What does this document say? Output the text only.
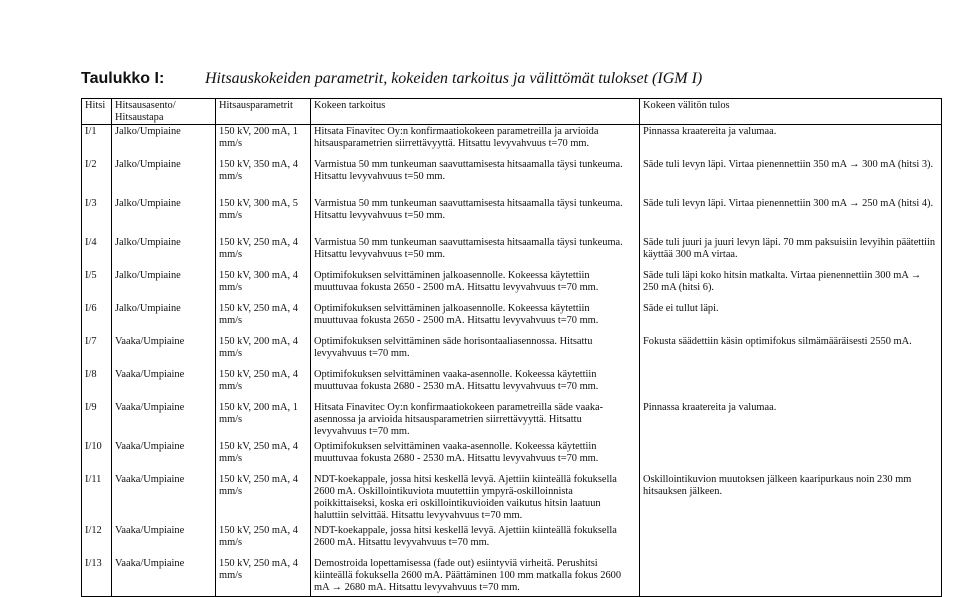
Taulukko I:	Hitsauskokeiden parametrit, kokeiden tarkoitus ja välittömät tulokset (IGM I)
Hitsi	Hitsausasento/ Hitsaustapa	Hitsausparametrit	Kokeen tarkoitus	Kokeen välitön tulos
I/1	Jalko/Umpiaine	150 kV, 200 mA, 1 mm/s	Hitsata Finavitec Oy:n konfirmaatiokokeen parametreilla ja arvioida hitsausparametrien siirrettävyyttä. Hitsattu levyvahvuus t=70 mm.	Pinnassa kraatereita ja valumaa.
I/2	Jalko/Umpiaine	150 kV, 350 mA, 4 mm/s	Varmistua 50 mm tunkeuman saavuttamisesta hitsaamalla täysi tunkeuma. Hitsattu levyvahvuus t=50 mm.	Säde tuli levyn läpi. Virtaa pienennettiin 350 mA → 300 mA (hitsi 3).
I/3	Jalko/Umpiaine	150 kV, 300 mA, 5 mm/s	Varmistua 50 mm tunkeuman saavuttamisesta hitsaamalla täysi tunkeuma. Hitsattu levyvahvuus t=50 mm.	Säde tuli levyn läpi. Virtaa pienennettiin 300 mA → 250 mA (hitsi 4).
I/4	Jalko/Umpiaine	150 kV, 250 mA, 4 mm/s	Varmistua 50 mm tunkeuman saavuttamisesta hitsaamalla täysi tunkeuma. Hitsattu levyvahvuus t=50 mm.	Säde tuli juuri ja juuri levyn läpi. 70 mm paksuisiin levyihin päätettiin käyttää 300 mA virtaa.
I/5	Jalko/Umpiaine	150 kV, 300 mA, 4 mm/s	Optimifokuksen selvittäminen jalkoasennolle. Kokeessa käytettiin muuttuvaa fokusta 2650 - 2500 mA. Hitsattu levyvahvuus t=70 mm.	Säde tuli läpi koko hitsin matkalta. Virtaa pienennettiin 300 mA → 250 mA (hitsi 6).
I/6	Jalko/Umpiaine	150 kV, 250 mA, 4 mm/s	Optimifokuksen selvittäminen jalkoasennolle. Kokeessa käytettiin muuttuvaa fokusta 2650 - 2500 mA. Hitsattu levyvahvuus t=70 mm.	Säde ei tullut läpi.
I/7	Vaaka/Umpiaine	150 kV, 200 mA, 4 mm/s	Optimifokuksen selvittäminen säde horisontaaliasennossa. Hitsattu levyvahvuus t=70 mm.	Fokusta säädettiin käsin optimifokus silmämääräisesti 2550 mA.
I/8	Vaaka/Umpiaine	150 kV, 250 mA, 4 mm/s	Optimifokuksen selvittäminen vaaka-asennolle. Kokeessa käytettiin muuttuvaa fokusta 2680 - 2530 mA. Hitsattu levyvahvuus t=70 mm.	
I/9	Vaaka/Umpiaine	150 kV, 200 mA, 1 mm/s	Hitsata Finavitec Oy:n konfirmaatiokokeen parametreilla säde vaaka-asennossa ja arvioida hitsausparametrien siirrettävyyttä. Hitsattu levyvahvuus t=70 mm.	Pinnassa kraatereita ja valumaa.
I/10	Vaaka/Umpiaine	150 kV, 250 mA, 4 mm/s	Optimifokuksen selvittäminen vaaka-asennolle. Kokeessa käytettiin muuttuvaa fokusta 2680 - 2530 mA. Hitsattu levyvahvuus t=70 mm.	
I/11	Vaaka/Umpiaine	150 kV, 250 mA, 4 mm/s	NDT-koekappale, jossa hitsi keskellä levyä. Ajettiin kiinteällä fokuksella 2600 mA. Oskillointikuviota muutettiin ympyrä-oskilloinnista poikkittaiseksi, koska eri oskillointikuvioiden vaikutus hitsin laatuun haluttiin selvittää. Hitsattu levyvahvuus t=70 mm.	Oskillointikuvion muutoksen jälkeen kaaripurkaus noin 230 mm hitsauksen jälkeen.
I/12	Vaaka/Umpiaine	150 kV, 250 mA, 4 mm/s	NDT-koekappale, jossa hitsi keskellä levyä. Ajettiin kiinteällä fokuksella 2600 mA. Hitsattu levyvahvuus t=70 mm.	
I/13	Vaaka/Umpiaine	150 kV, 250 mA, 4 mm/s	Demostroida lopettamisessa (fade out) esiintyviä virheitä. Perushitsi kiinteällä fokuksella 2600 mA. Päättäminen 100 mm matkalla fokus 2600 mA → 2680 mA. Hitsattu levyvahvuus t=70 mm.	
